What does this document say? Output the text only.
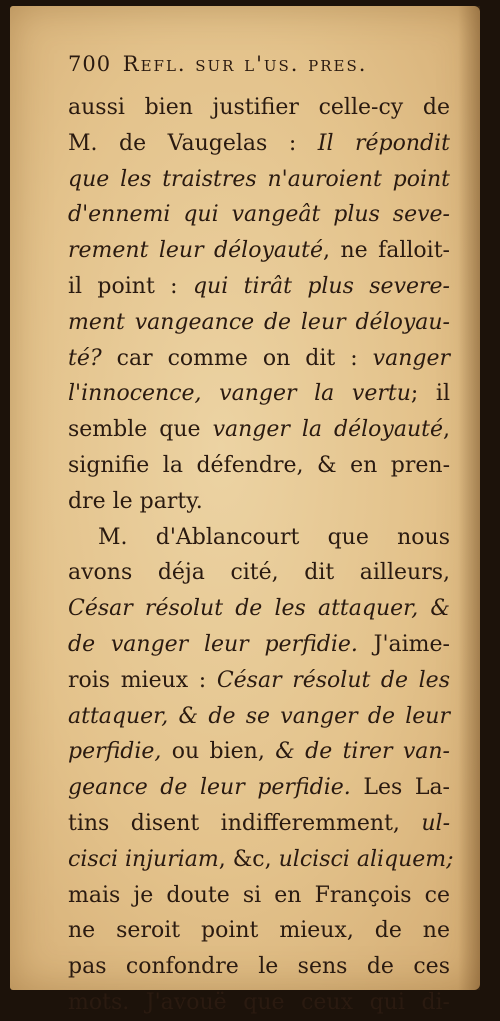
700 Refl. sur l'us. pres.
aussi bien justifier celle-cy de
M. de Vaugelas : Il répondit
que les traistres n'auroient point
d'ennemi qui vangeât plus seve-
rement leur déloyauté, ne falloit-
il point : qui tirât plus severe-
ment vangeance de leur déloyau-
té? car comme on dit : vanger
l'innocence, vanger la vertu; il
semble que vanger la déloyauté,
signifie la défendre, & en pren-
dre le party.
M. d'Ablancourt que nous
avons déja cité, dit ailleurs,
César résolut de les attaquer, &
de vanger leur perfidie. J'aime-
rois mieux : César résolut de les
attaquer, & de se vanger de leur
perfidie, ou bien, & de tirer van-
geance de leur perfidie. Les La-
tins disent indifferemment, ul-
cisci injuriam, &c, ulcisci aliquem;
mais je doute si en François ce
ne seroit point mieux, de ne
pas confondre le sens de ces
mots. J'avouë que ceux qui di-
